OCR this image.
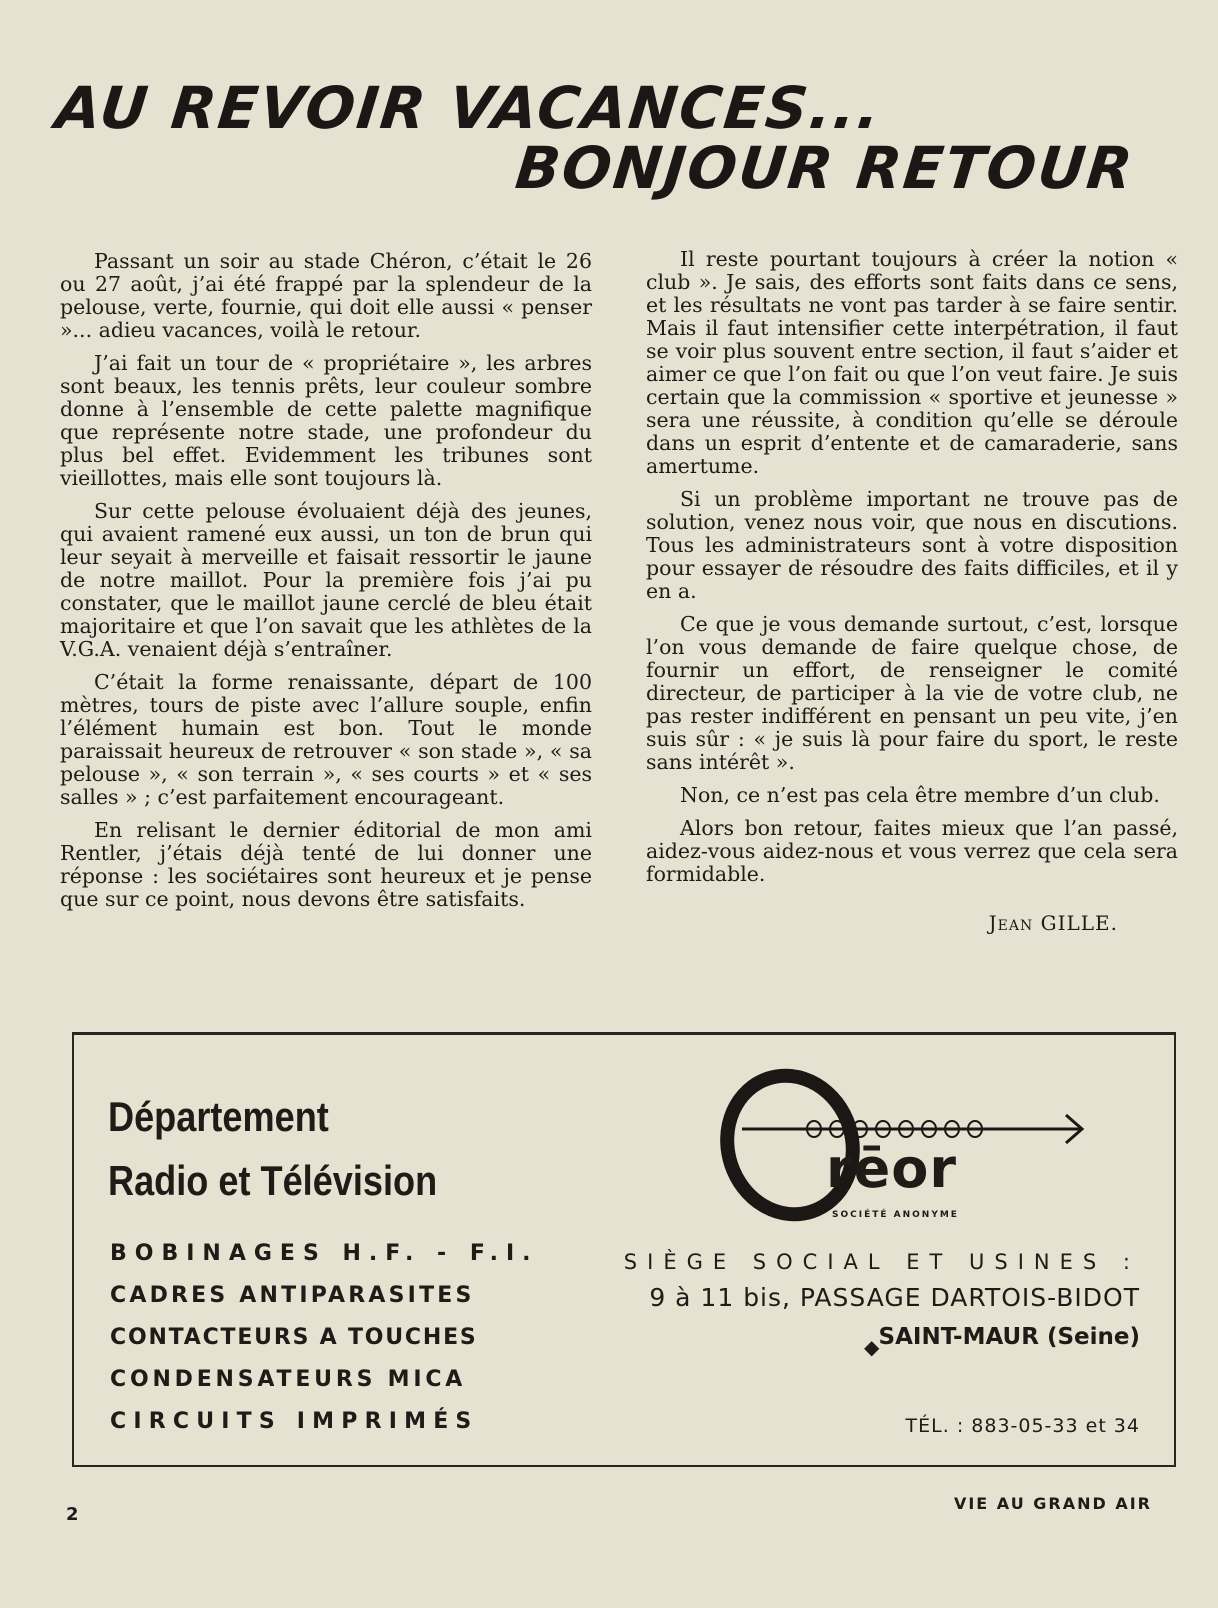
AU REVOIR VACANCES...
BONJOUR RETOUR

Passant un soir au stade Chéron, c’était le 26 ou 27 août, j’ai été frappé par la splendeur de la pelouse, verte, fournie, qui doit elle aussi « penser »... adieu vacances, voilà le retour.

J’ai fait un tour de « propriétaire », les arbres sont beaux, les tennis prêts, leur couleur sombre donne à l’ensemble de cette palette magnifique que représente notre stade, une profondeur du plus bel effet. Evidemment les tribunes sont vieillottes, mais elle sont toujours là.

Sur cette pelouse évoluaient déjà des jeunes, qui avaient ramené eux aussi, un ton de brun qui leur seyait à merveille et faisait ressortir le jaune de notre maillot. Pour la première fois j’ai pu constater, que le maillot jaune cerclé de bleu était majoritaire et que l’on savait que les athlètes de la V.G.A. venaient déjà s’entraîner.

C’était la forme renaissante, départ de 100 mètres, tours de piste avec l’allure souple, enfin l’élément humain est bon. Tout le monde paraissait heureux de retrouver « son stade », « sa pelouse », « son terrain », « ses courts » et « ses salles » ; c’est parfaitement encourageant.

En relisant le dernier éditorial de mon ami Rentler, j’étais déjà tenté de lui donner une réponse : les sociétaires sont heureux et je pense que sur ce point, nous devons être satisfaits.

Il reste pourtant toujours à créer la notion « club ». Je sais, des efforts sont faits dans ce sens, et les résultats ne vont pas tarder à se faire sentir. Mais il faut intensifier cette interpétration, il faut se voir plus souvent entre section, il faut s’aider et aimer ce que l’on fait ou que l’on veut faire. Je suis certain que la commission « sportive et jeunesse » sera une réussite, à condition qu’elle se déroule dans un esprit d’entente et de camaraderie, sans amertume.

Si un problème important ne trouve pas de solution, venez nous voir, que nous en discutions. Tous les administrateurs sont à votre disposition pour essayer de résoudre des faits difficiles, et il y en a.

Ce que je vous demande surtout, c’est, lorsque l’on vous demande de faire quelque chose, de fournir un effort, de renseigner le comité directeur, de participer à la vie de votre club, ne pas rester indifférent en pensant un peu vite, j’en suis sûr : « je suis là pour faire du sport, le reste sans intérêt ».

Non, ce n’est pas cela être membre d’un club.

Alors bon retour, faites mieux que l’an passé, aidez-vous aidez-nous et vous verrez que cela sera formidable.

Jean GILLE.
Département
Radio et Télévision
BOBINAGES H.F. - F.I.
CADRES ANTIPARASITES
CONTACTEURS A TOUCHES
CONDENSATEURS MICA
CIRCUITS IMPRIMÉS
rēor
SOCIÉTÉ ANONYME
SIÈGE SOCIAL ET USINES :
9 à 11 bis, PASSAGE DARTOIS-BIDOT
SAINT-MAUR (Seine)
◆
TÉL. : 883-05-33 et 34
2
VIE AU GRAND AIR
